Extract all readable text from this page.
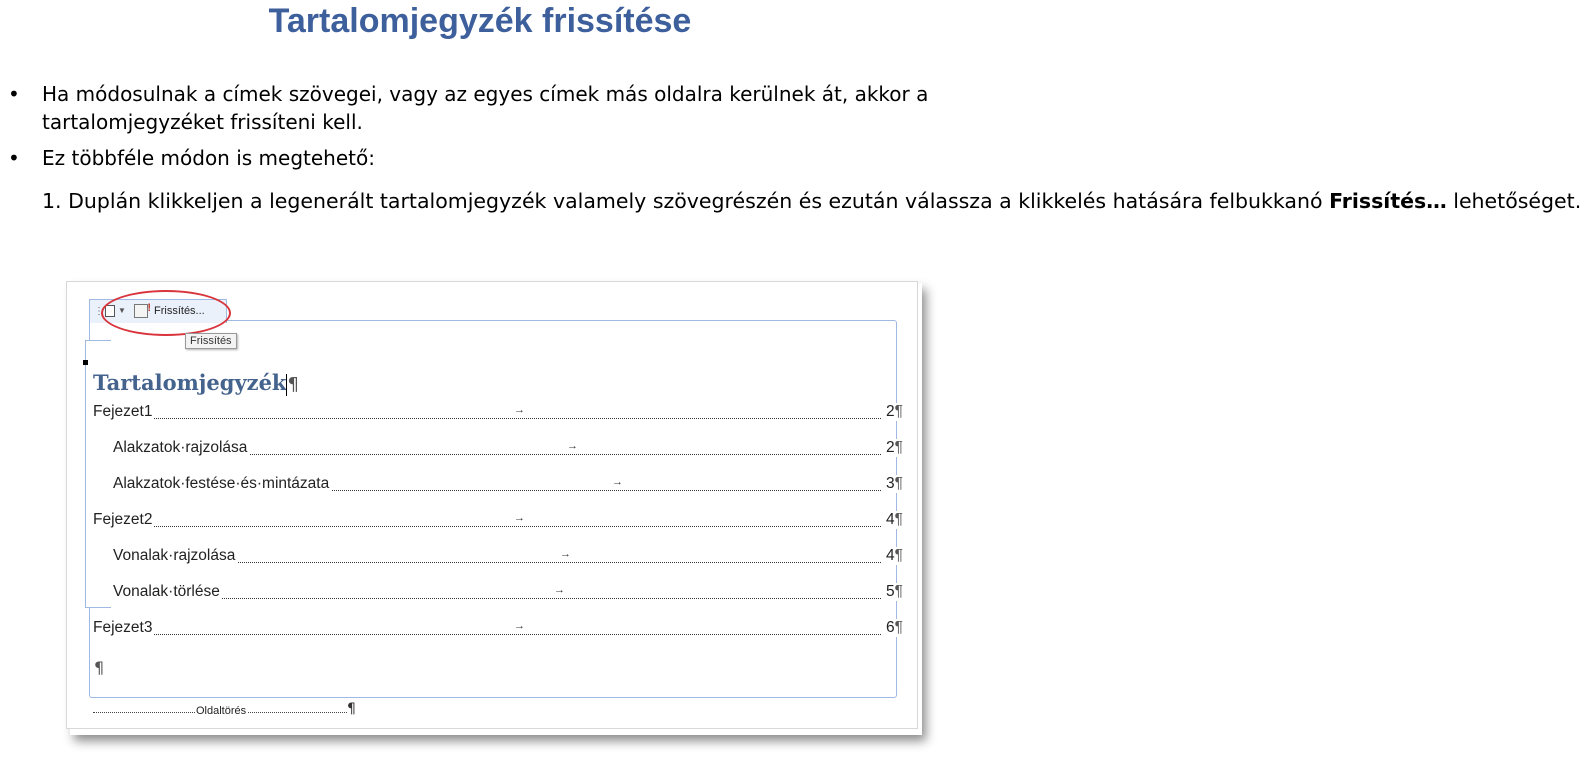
Tartalomjegyzék frissítése
• Ha módosulnak a címek szövegei, vagy az egyes címek más oldalra kerülnek át, akkor a tartalomjegyzéket frissíteni kell.
• Ez többféle módon is megtehető:
1. Duplán klikkeljen a legenerált tartalomjegyzék valamely szövegrészén és ezután válassza a klikkelés hatására felbukkanó Frissítés… lehetőséget.
⋮ ▼ ! Frissítés...
Frissítés
Tartalomjegyzék¶
Fejezet1	→	2¶
Alakzatok·rajzolása	→	2¶
Alakzatok·festése·és·mintázata	→	3¶
Fejezet2	→	4¶
Vonalak·rajzolása	→	4¶
Vonalak·törlése	→	5¶
Fejezet3	→	6¶
¶
Oldaltörés	¶
